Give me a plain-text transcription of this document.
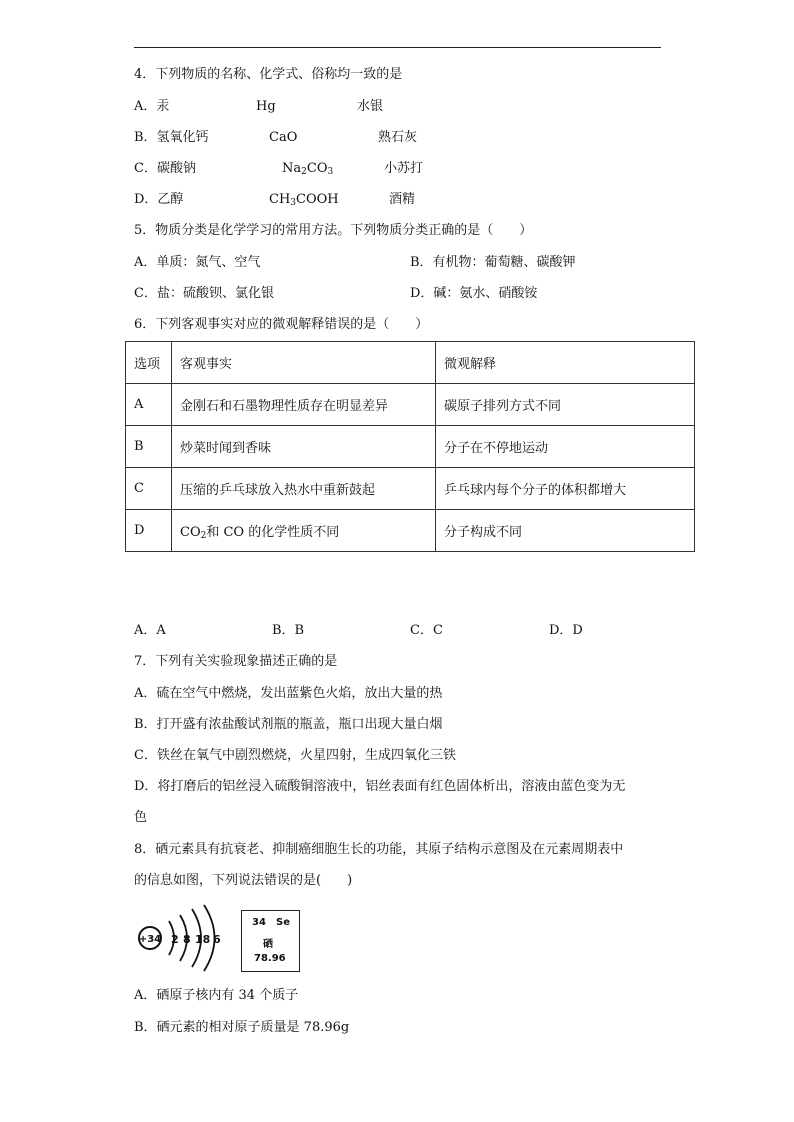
4．下列物质的名称、化学式、俗称均一致的是
A．汞	Hg	水银
B．氢氧化钙	CaO	熟石灰
C．碳酸钠	$Na_2CO_3$	小苏打
D．乙醇	$CH_3COOH$	酒精
5．物质分类是化学学习的常用方法。下列物质分类正确的是（　　）
A．单质：氮气、空气	B．有机物：葡萄糖、碳酸钾
C．盐：硫酸钡、氯化银	D．碱：氨水、硝酸铵
6．下列客观事实对应的微观解释错误的是（　　）
选项	客观事实	微观解释
A	金刚石和石墨物理性质存在明显差异	碳原子排列方式不同
B	炒菜时闻到香味	分子在不停地运动
C	压缩的乒乓球放入热水中重新鼓起	乒乓球内每个分子的体积都增大
D	$CO_2$和 CO 的化学性质不同	分子构成不同
A．A	B．B	C．C	D．D
7．下列有关实验现象描述正确的是
A．硫在空气中燃烧，发出蓝紫色火焰，放出大量的热
B．打开盛有浓盐酸试剂瓶的瓶盖，瓶口出现大量白烟
C．铁丝在氧气中剧烈燃烧，火星四射，生成四氧化三铁
D．将打磨后的铝丝浸入硫酸铜溶液中，铝丝表面有红色固体析出，溶液由蓝色变为无
色
8．硒元素具有抗衰老、抑制癌细胞生长的功能，其原子结构示意图及在元素周期表中
的信息如图，下列说法错误的是(　　)
+34 2 8 18 6
34 Se
硒
78.96
A．硒原子核内有 34 个质子
B．硒元素的相对原子质量是 78.96g
